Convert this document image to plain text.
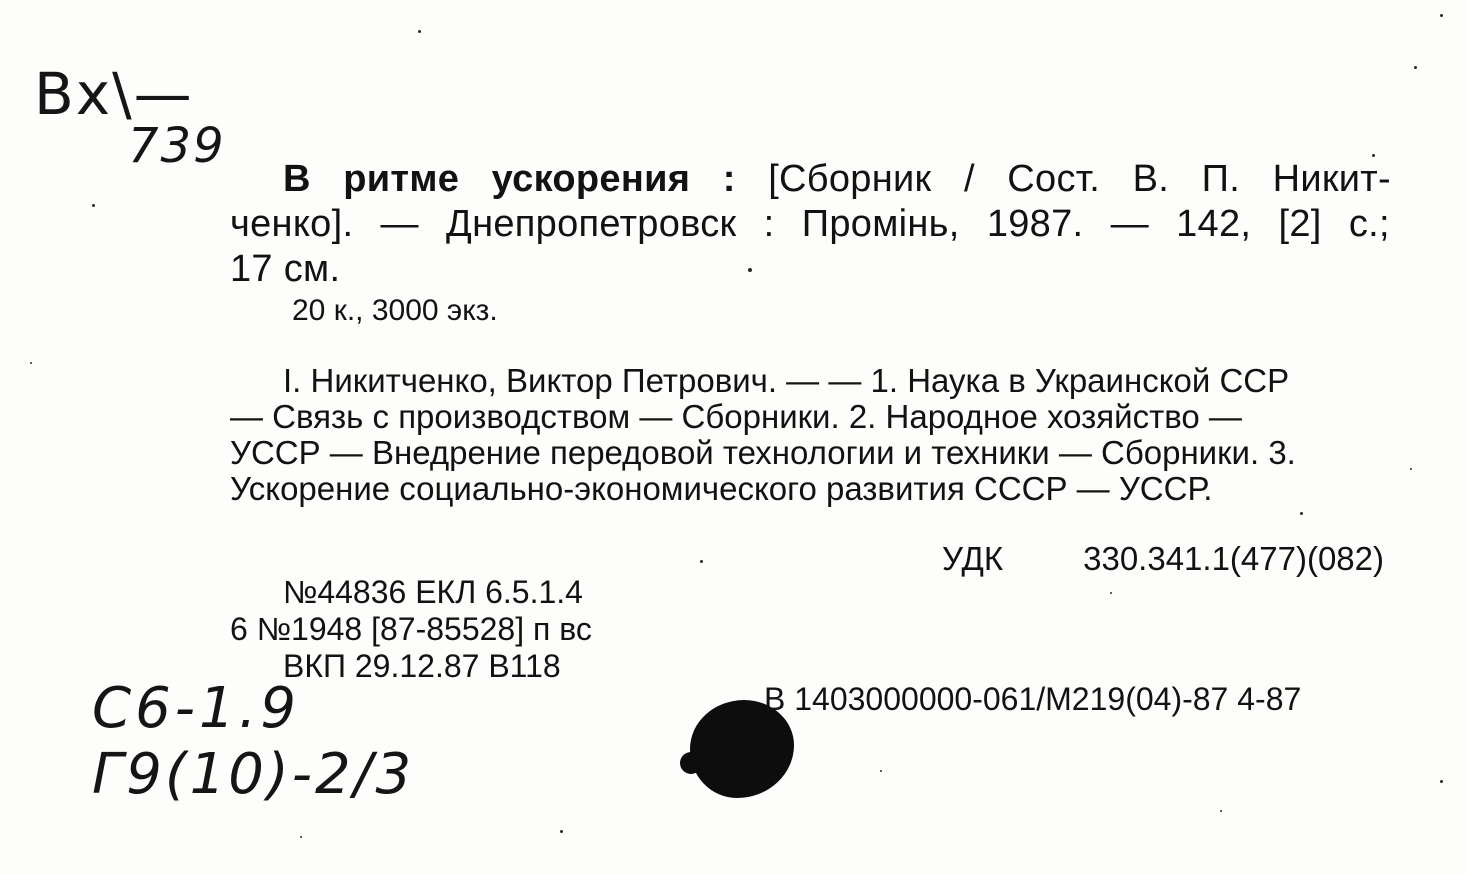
Вх\—
739
С6-1.9
Г9(10)-2/3
В ритме ускорения : [Сборник / Сост. В. П. Никит-
ченко]. — Днепропетровск : Промінь, 1987. — 142, [2] с.;
17 см.
20 к., 3000 экз.
I. Никитченко, Виктор Петрович. — — 1. Наука в Украинской ССР
— Связь с производством — Сборники. 2. Народное хозяйство —
УССР — Внедрение передовой технологии и техники — Сборники. 3.
Ускорение социально-экономического развития СССР — УССР.
УДК 330.341.1(477)(082)
№44836 ЕКЛ 6.5.1.4
6 №1948 [87-85528] п вс
ВКП 29.12.87 В118
В 1403000000-061/М219(04)-87 4-87
